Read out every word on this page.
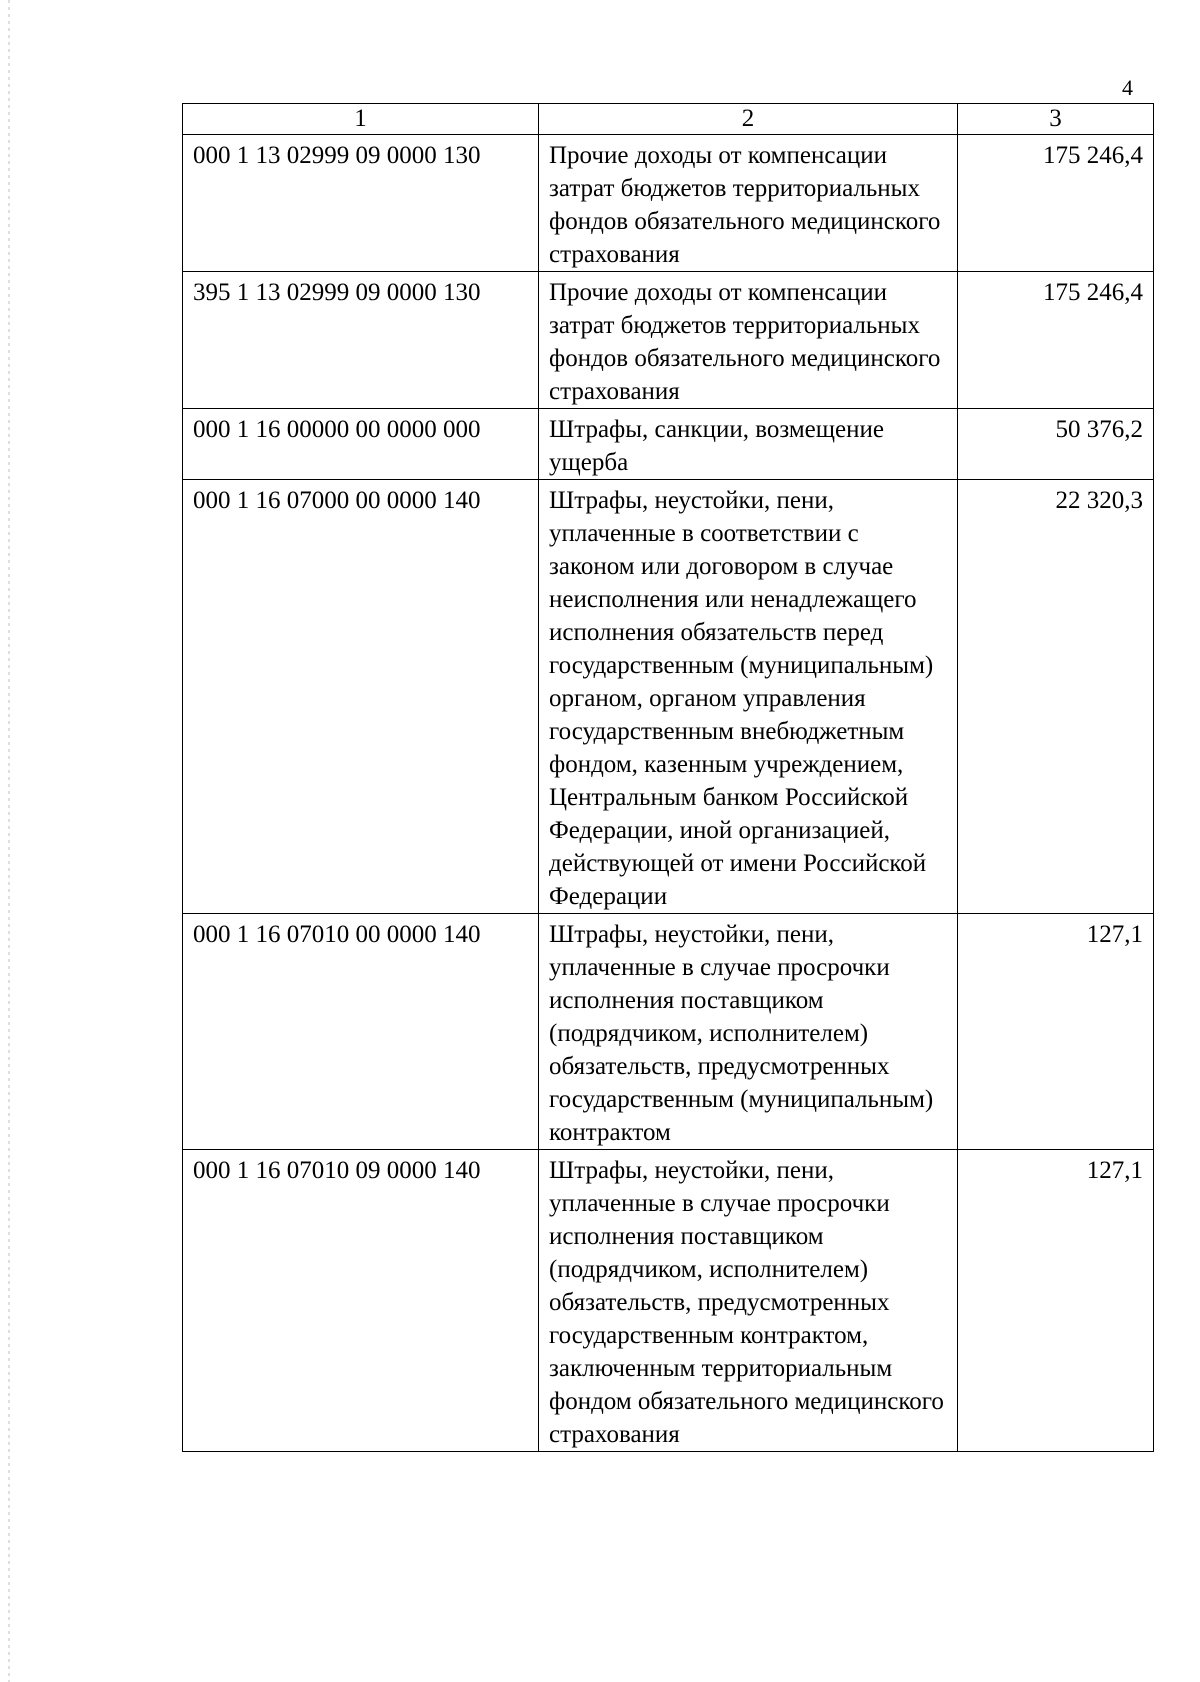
4
1	2	3
000 1 13 02999 09 0000 130	Прочие доходы от компенсации затрат бюджетов территориальных фондов обязательного медицинского страхования	175 246,4
395 1 13 02999 09 0000 130	Прочие доходы от компенсации затрат бюджетов территориальных фондов обязательного медицинского страхования	175 246,4
000 1 16 00000 00 0000 000	Штрафы, санкции, возмещение ущерба	50 376,2
000 1 16 07000 00 0000 140	Штрафы, неустойки, пени, уплаченные в соответствии с законом или договором в случае неисполнения или ненадлежащего исполнения обязательств перед государственным (муниципальным) органом, органом управления государственным внебюджетным фондом, казенным учреждением, Центральным банком Российской Федерации, иной организацией, действующей от имени Российской Федерации	22 320,3
000 1 16 07010 00 0000 140	Штрафы, неустойки, пени, уплаченные в случае просрочки исполнения поставщиком (подрядчиком, исполнителем) обязательств, предусмотренных государственным (муниципальным) контрактом	127,1
000 1 16 07010 09 0000 140	Штрафы, неустойки, пени, уплаченные в случае просрочки исполнения поставщиком (подрядчиком, исполнителем) обязательств, предусмотренных государственным контрактом, заключенным территориальным фондом обязательного медицинского страхования	127,1
